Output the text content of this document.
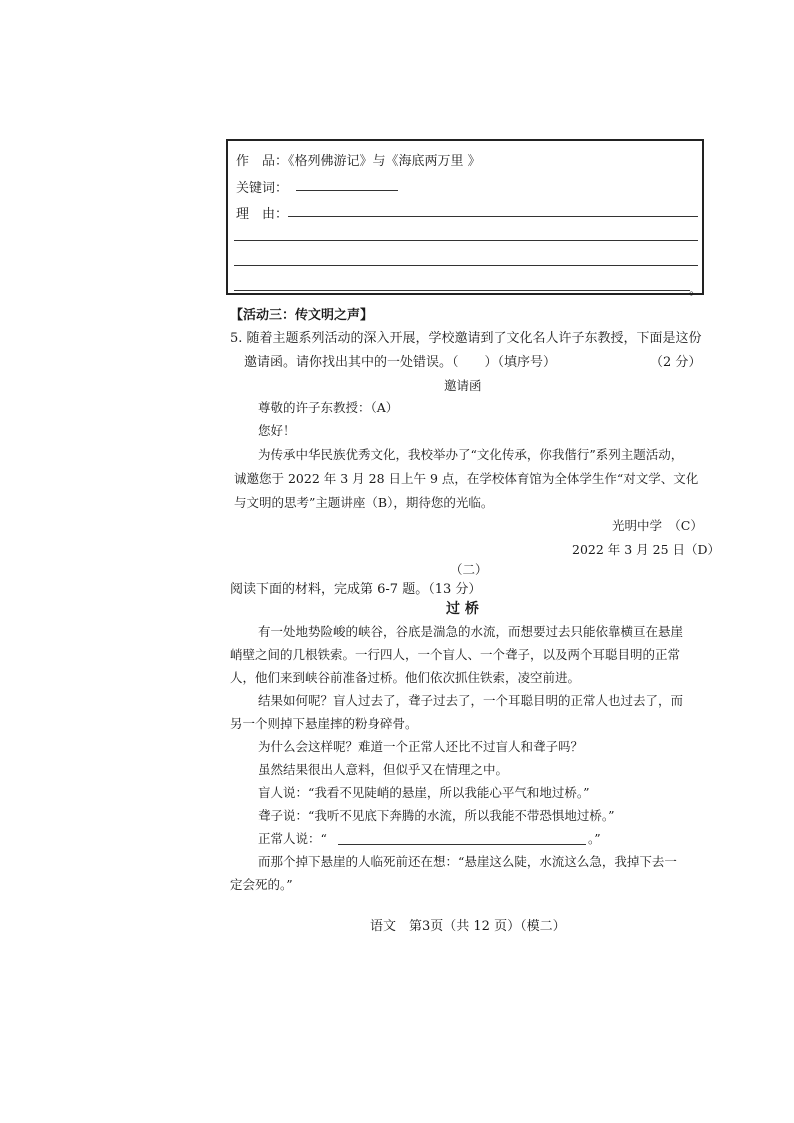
作　品：《格列佛游记》与《海底两万里 》
关键词：
理　由：
。
【活动三：传文明之声】
5. 随着主题系列活动的深入开展，学校邀请到了文化名人许子东教授，下面是这份
邀请函。请你找出其中的一处错误。（　　）（填序号）	（2 分）
邀请函
尊敬的许子东教授：（A）
您好！
为传承中华民族优秀文化，我校举办了“文化传承，你我偕行”系列主题活动，
诚邀您于 2022 年 3 月 28 日上午 9 点，在学校体育馆为全体学生作“对文学、文化
与文明的思考”主题讲座（B），期待您的光临。
光明中学　（C）
2022 年 3 月 25 日（D）
（二）
阅读下面的材料，完成第 6-7 题。（13 分）
过 桥
有一处地势险峻的峡谷，谷底是湍急的水流，而想要过去只能依靠横亘在悬崖
峭壁之间的几根铁索。一行四人，一个盲人、一个聋子，以及两个耳聪目明的正常
人，他们来到峡谷前准备过桥。他们依次抓住铁索，凌空前进。
结果如何呢？盲人过去了，聋子过去了，一个耳聪目明的正常人也过去了，而
另一个则掉下悬崖摔的粉身碎骨。
为什么会这样呢？难道一个正常人还比不过盲人和聋子吗？
虽然结果很出人意料，但似乎又在情理之中。
盲人说：“我看不见陡峭的悬崖，所以我能心平气和地过桥。”
聋子说：“我听不见底下奔腾的水流，所以我能不带恐惧地过桥。”
正常人说：“	。”
而那个掉下悬崖的人临死前还在想：“悬崖这么陡，水流这么急，我掉下去一
定会死的。”
语文　第3页（共 12 页）（模二）
